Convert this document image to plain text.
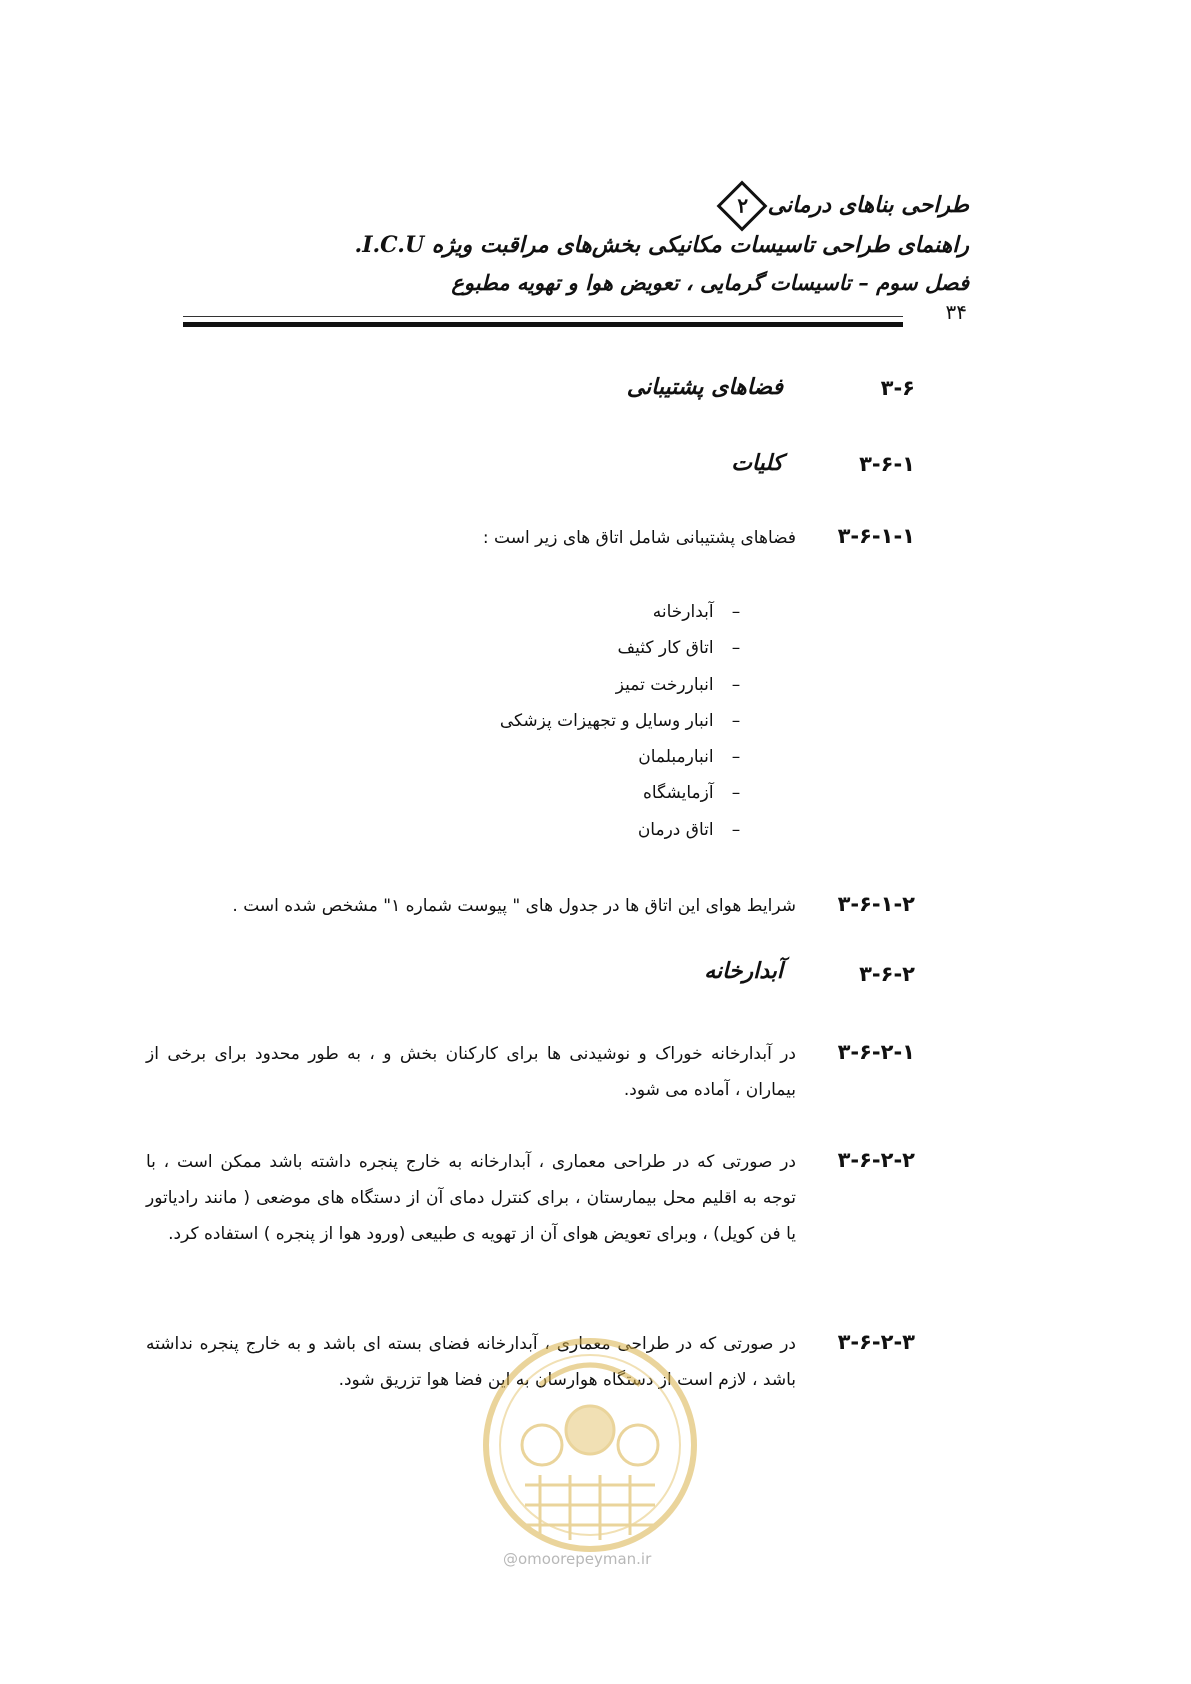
طراحی بناهای درمانی
۲
راهنمای طراحی تاسیسات مکانیکی بخش‌های مراقبت ویژه I.C.U.
فصل سوم – تاسیسات گرمایی ، تعویض هوا و تهویه مطبوع
۳۴
۳-۶
فضاهای پشتیبانی
۳-۶-۱
کلیات
۳-۶-۱-۱
فضاهای پشتیبانی شامل اتاق های زیر است :
– آبدارخانه
– اتاق کار کثیف
– انباررخت تمیز
– انبار وسایل و تجهیزات پزشکی
– انبارمبلمان
– آزمایشگاه
– اتاق درمان
۳-۶-۱-۲
شرایط هوای این اتاق ها در جدول های " پیوست شماره ۱" مشخص شده است .
۳-۶-۲
آبدارخانه
۳-۶-۲-۱
در آبدارخانه خوراک و نوشیدنی ها برای کارکنان بخش و ، به طور محدود برای برخی از بیماران ، آماده می شود.
۳-۶-۲-۲
در صورتی که در طراحی معماری ، آبدارخانه به خارج پنجره داشته باشد ممکن است ، با توجه به اقلیم محل بیمارستان ، برای کنترل دمای آن از دستگاه های موضعی ( مانند رادیاتور یا فن کویل) ، وبرای تعویض هوای آن از تهویه ی طبیعی (ورود هوا از پنجره ) استفاده کرد.
۳-۶-۲-۳
در صورتی که در طراحی معماری ، آبدارخانه فضای بسته ای باشد و به خارج پنجره نداشته باشد ، لازم است از دستگاه هوارسان به این فضا هوا تزریق شود.
@omoorepeyman.ir
